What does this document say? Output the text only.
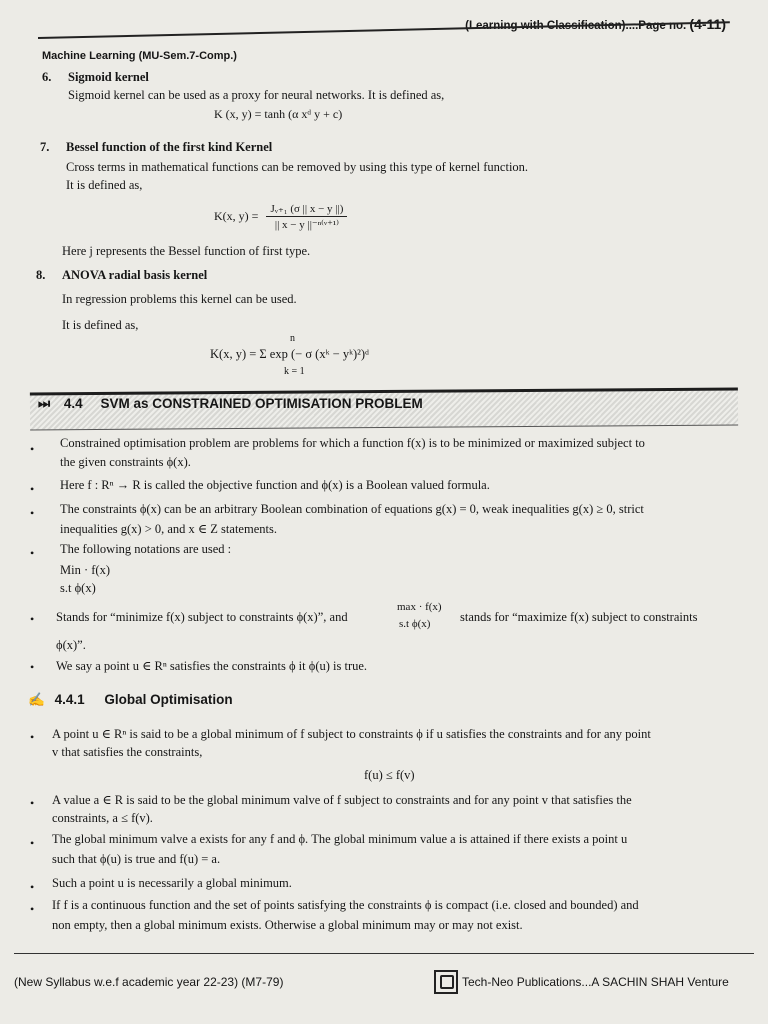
(Learning with Classification)....Page no. (4-11)
Machine Learning (MU-Sem.7-Comp.)
6. Sigmoid kernel
Sigmoid kernel can be used as a proxy for neural networks. It is defined as,
K (x, y) = tanh (α xᵈ y + c)
7. Bessel function of the first kind Kernel
Cross terms in mathematical functions can be removed by using this type of kernel function.
It is defined as,
K(x, $y) = \frac{\text{Jᵥ₊₁ (σ || x − y ||)}}{\text{|| x − y ||⁻ⁿ⁽ᵛ⁺¹⁾}}$
Here j represents the Bessel function of first type.
8. ANOVA radial basis kernel
In regression problems this kernel can be used.
It is defined as,
n
K(x, y) = Σ exp (− σ (xᵏ − yᵏ)²)ᵈ
k = 1
⏭ 4.4 SVM as CONSTRAINED OPTIMISATION PROBLEM
• Constrained optimisation problem are problems for which a function f(x) is to be minimized or maximized subject to
the given constraints ϕ(x).
• Here f : Rⁿ → R is called the objective function and ϕ(x) is a Boolean valued formula.
• The constraints ϕ(x) can be an arbitrary Boolean combination of equations g(x) = 0, weak inequalities g(x) ≥ 0, strict
inequalities g(x) > 0, and x ∈ Z statements.
• The following notations are used :
Min · f(x)
s.t ϕ(x)
• Stands for “minimize f(x) subject to constraints ϕ(x)”, and
max · f(x)
s.t ϕ(x) stands for “maximize f(x) subject to constraints
ϕ(x)”.
• We say a point u ∈ Rⁿ satisfies the constraints ϕ it ϕ(u) is true.
✍ 4.4.1 Global Optimisation
• A point u ∈ Rⁿ is said to be a global minimum of f subject to constraints ϕ if u satisfies the constraints and for any point
v that satisfies the constraints,
f(u) ≤ f(v)
• A value a ∈ R is said to be the global minimum valve of f subject to constraints and for any point v that satisfies the
constraints, a ≤ f(v).
• The global minimum valve a exists for any f and ϕ. The global minimum value a is attained if there exists a point u
such that ϕ(u) is true and f(u) = a.
• Such a point u is necessarily a global minimum.
• If f is a continuous function and the set of points satisfying the constraints ϕ is compact (i.e. closed and bounded) and
non empty, then a global minimum exists. Otherwise a global minimum may or may not exist.
(New Syllabus w.e.f academic year 22-23) (M7-79)	Tech-Neo Publications...A SACHIN SHAH Venture
